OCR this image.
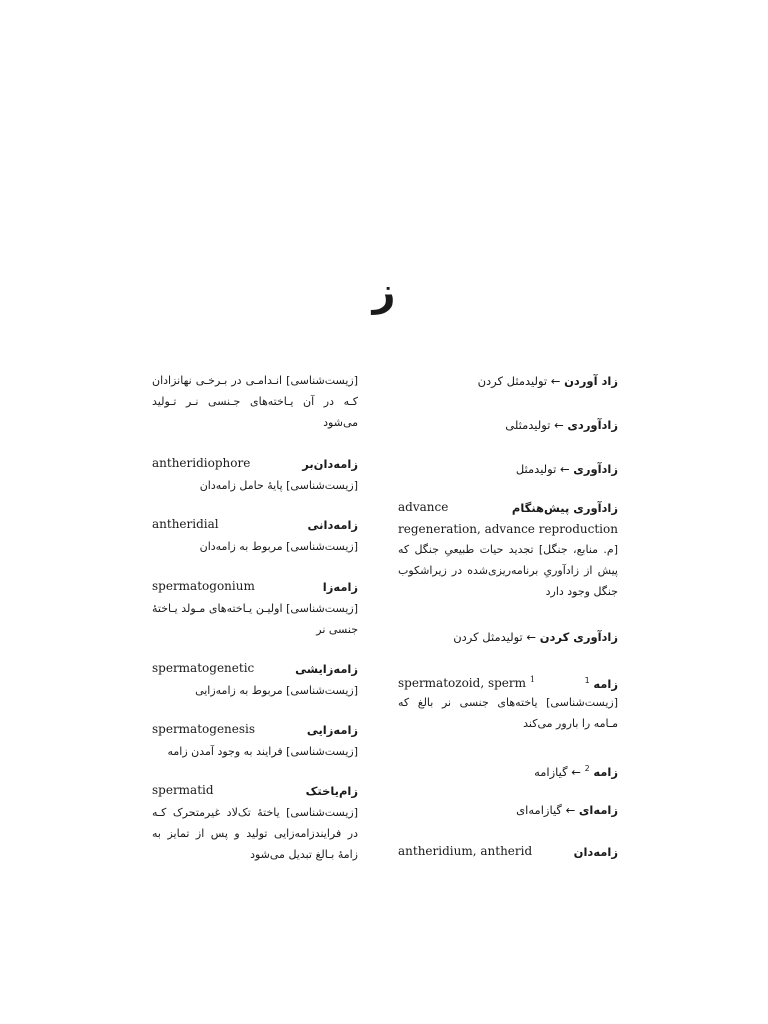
ز
زاد آوردن ← تولیدمثل کردن
زادآوردی ← تولیدمثلی
زادآوری ← تولیدمثل
advance	زادآوری پیش‌هنگام
regeneration, advance reproduction
[م. منابع، جنگل] تجدید حیات طبیعیِ جنگل که پیش از زادآوریِ برنامه‌ریزی‌شده در زیراشکوب جنگل وجود دارد
زادآوری کردن ← تولیدمثل کردن
spermatozoid, sperm $^1$	زامه $^1$
[زیست‌شناسی] یاخته‌های جنسی نر بالغ که مـامه را بارور می‌کند
زامه $^2$ ← گیازامه
زامه‌ای ← گیازامه‌ای
antheridium, antherid	زامه‌دان
[زیست‌شناسی] انـدامـی در بـرخـی نهانزادان کـه در آن یـاخته‌های جـنسی نـر تـولید می‌شود
antheridiophore	زامه‌دان‌بر
[زیست‌شناسی] پایهٔ حامل زامه‌دان
antheridial	زامه‌دانی
[زیست‌شناسی] مربوط به زامه‌دان
spermatogonium	زامه‌زا
[زیست‌شناسی] اولیـن یـاخته‌های مـولد یـاختهٔ جنسی نر
spermatogenetic	زامه‌زایشی
[زیست‌شناسی] مربوط به زامه‌زایی
spermatogenesis	زامه‌زایی
[زیست‌شناسی] فرایند به وجود آمدن زامه
spermatid	زام‌یاختک
[زیست‌شناسی] یاختهٔ تک‌لاد غیرمتحرک کـه در فرایندزامه‌زایی تولید و پس از تمایز به زامهٔ بـالغ تبدیل می‌شود
